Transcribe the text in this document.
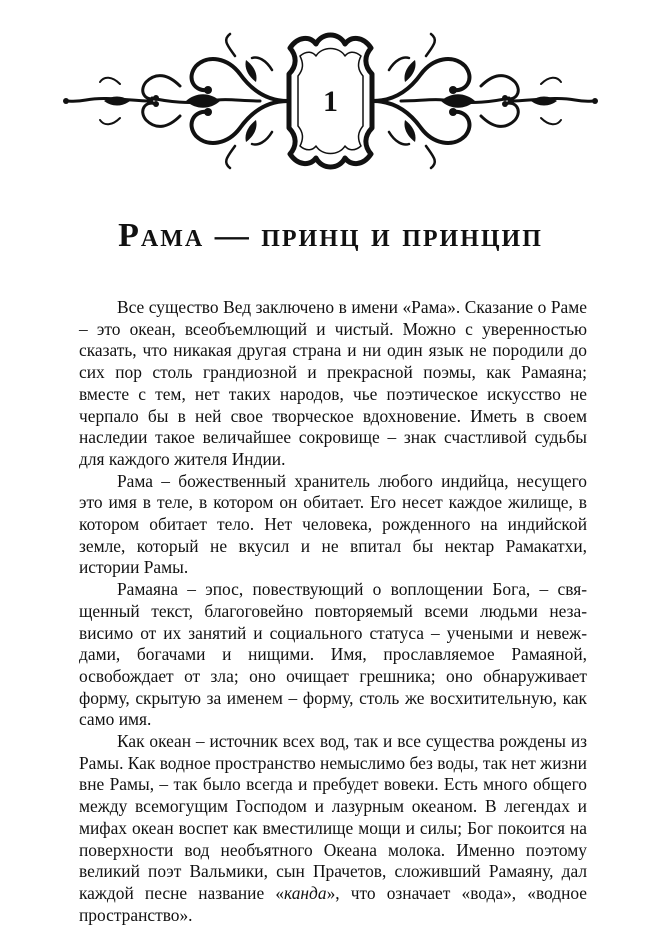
1
Рама — принц и принцип

Все существо Вед заключено в имени «Рама». Сказание о Раме – это океан, всеобъемлющий и чистый. Можно с уверенностью сказать, что никакая другая страна и ни один язык не породили до сих пор столь грандиозной и прекрасной поэмы, как Рамаяна; вместе с тем, нет таких народов, чье поэтическое искусство не черпало бы в ней свое творческое вдохновение. Иметь в своем наследии такое величайшее сокровище – знак счастливой судьбы для каждого жителя Индии.

Рама – божественный хранитель любого индийца, несущего это имя в теле, в котором он обитает. Его несет каждое жилище, в котором обитает тело. Нет человека, рожденного на индийской земле, который не вкусил и не впитал бы нектар Рамакатхи, истории Рамы.

Рамаяна – эпос, повествующий о воплощении Бога, – священный текст, благоговейно повторяемый всеми людьми независимо от их занятий и социального статуса – учеными и невеждами, богачами и нищими. Имя, прославляемое Рамаяной, освобождает от зла; оно очищает грешника; оно обнаруживает форму, скрытую за именем – форму, столь же восхитительную, как само имя.

Как океан – источник всех вод, так и все существа рождены из Рамы. Как водное пространство немыслимо без воды, так нет жизни вне Рамы, – так было всегда и пребудет вовеки. Есть много общего между всемогущим Господом и лазурным океаном. В легендах и мифах океан воспет как вместилище мощи и силы; Бог покоится на поверхности вод необъятного Океана молока. Именно поэтому великий поэт Вальмики, сын Прачетов, сложивший Рамаяну, дал каждой песне название «канда», что означает «вода», «водное пространство».
